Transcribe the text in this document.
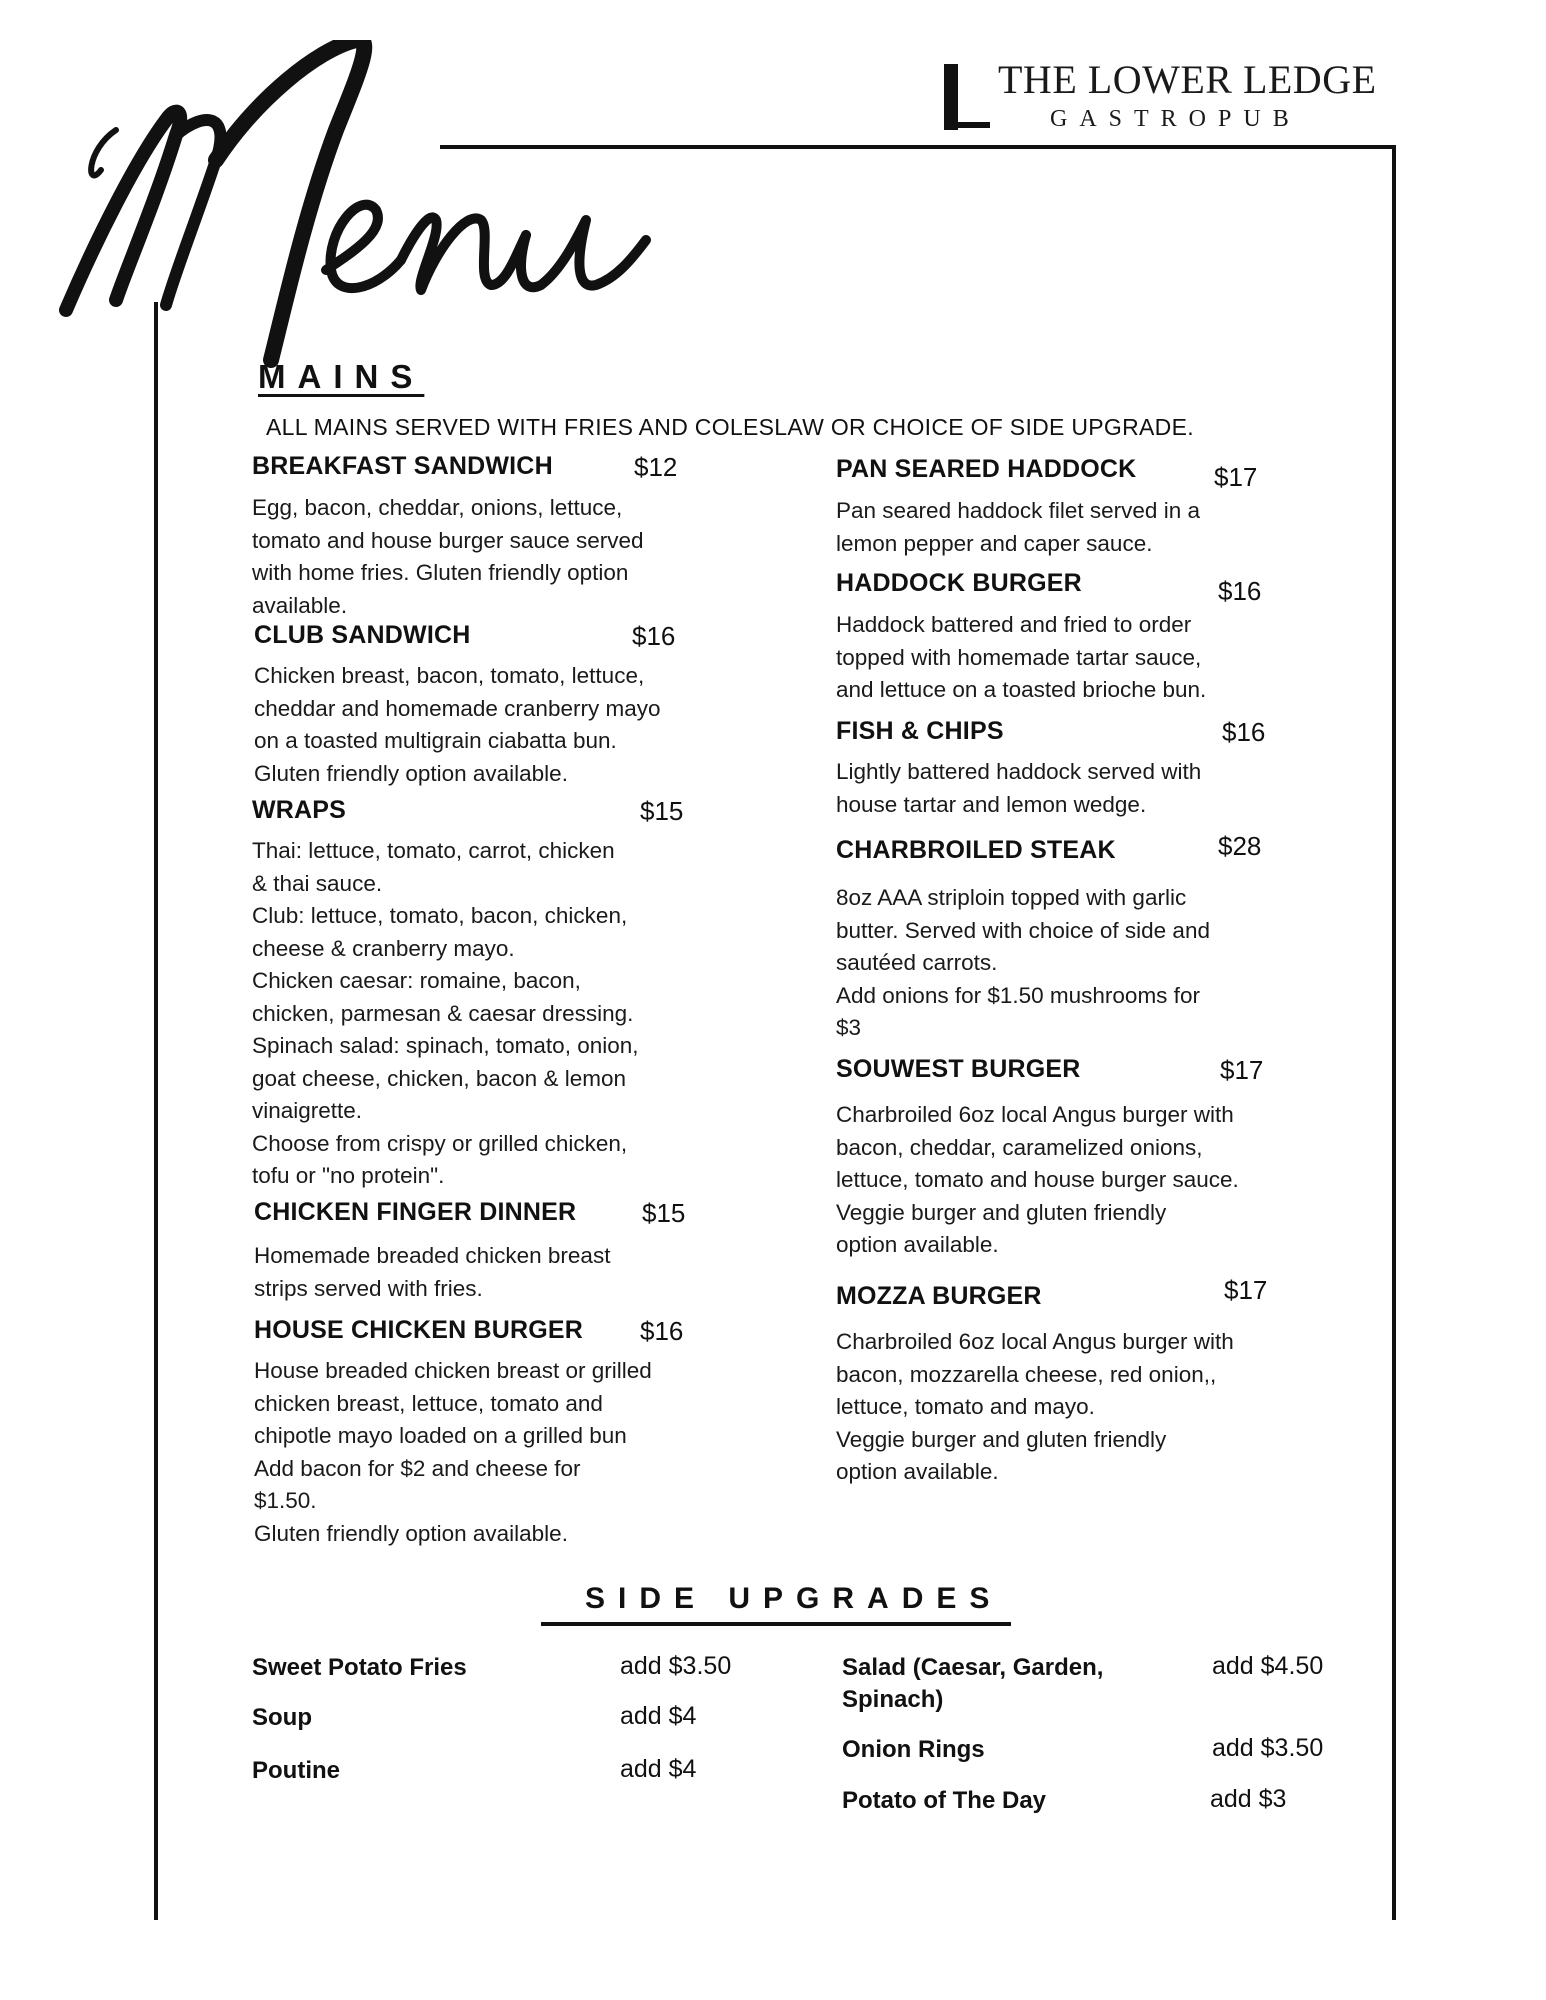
THE LOWER LEDGE
GASTROPUB
MAINS
ALL MAINS SERVED WITH FRIES AND COLESLAW OR CHOICE OF SIDE UPGRADE.
BREAKFAST SANDWICH	$12
Egg, bacon, cheddar, onions, lettuce,
tomato and house burger sauce served
with home fries. Gluten friendly option
available.
CLUB SANDWICH	$16
Chicken breast, bacon, tomato, lettuce,
cheddar and homemade cranberry mayo
on a toasted multigrain ciabatta bun.
Gluten friendly option available.
WRAPS	$15
Thai: lettuce, tomato, carrot, chicken
& thai sauce.
Club: lettuce, tomato, bacon, chicken,
cheese & cranberry mayo.
Chicken caesar: romaine, bacon,
chicken, parmesan & caesar dressing.
Spinach salad: spinach, tomato, onion,
goat cheese, chicken, bacon & lemon
vinaigrette.
Choose from crispy or grilled chicken,
tofu or "no protein".
CHICKEN FINGER DINNER	$15
Homemade breaded chicken breast
strips served with fries.
HOUSE CHICKEN BURGER $16
House breaded chicken breast or grilled
chicken breast, lettuce, tomato and
chipotle mayo loaded on a grilled bun
Add bacon for $2 and cheese for
$1.50.
Gluten friendly option available.
PAN SEARED HADDOCK	$17
Pan seared haddock filet served in a
lemon pepper and caper sauce.
HADDOCK BURGER	$16
Haddock battered and fried to order
topped with homemade tartar sauce,
and lettuce on a toasted brioche bun.
FISH & CHIPS	$16
Lightly battered haddock served with
house tartar and lemon wedge.
CHARBROILED STEAK	$28
8oz AAA striploin topped with garlic
butter. Served with choice of side and
sautéed carrots.
Add onions for $1.50 mushrooms for
$3
SOUWEST BURGER	$17
Charbroiled 6oz local Angus burger with
bacon, cheddar, caramelized onions,
lettuce, tomato and house burger sauce.
Veggie burger and gluten friendly
option available.
MOZZA BURGER	$17
Charbroiled 6oz local Angus burger with
bacon, mozzarella cheese, red onion,,
lettuce, tomato and mayo.
Veggie burger and gluten friendly
option available.
SIDE UPGRADES
Sweet Potato Fries	add $3.50
Soup	add $4
Poutine	add $4
Salad (Caesar, Garden,
Spinach)
add $4.50
Onion Rings	add $3.50
Potato of The Day	add $3
